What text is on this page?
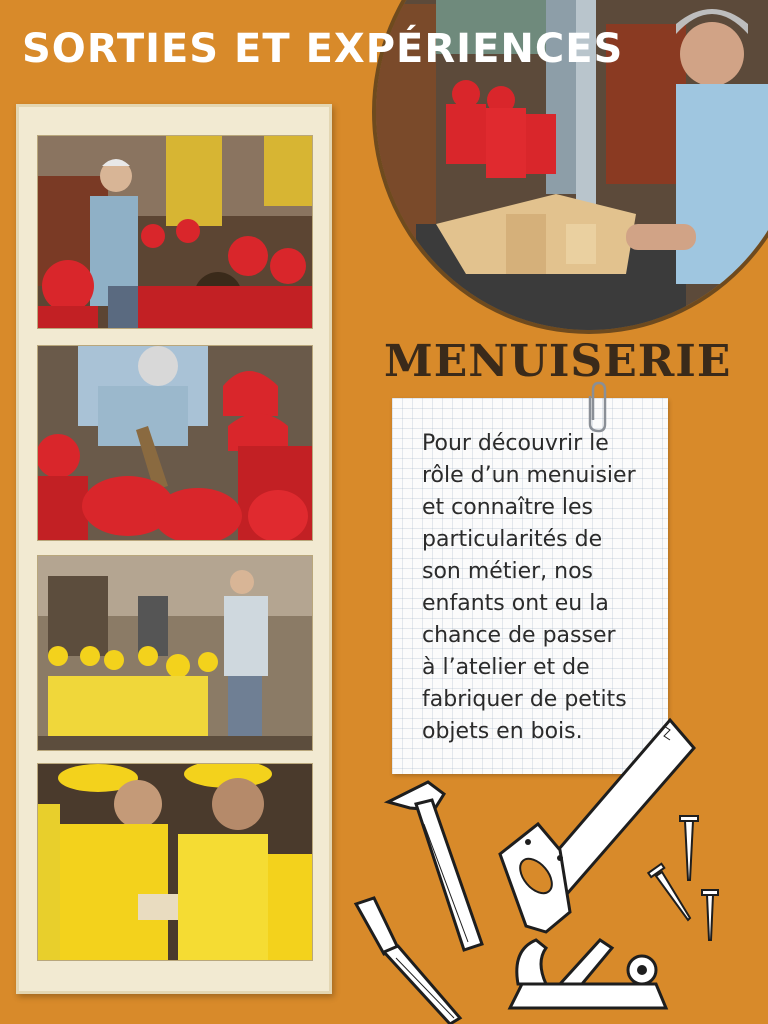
SORTIES ET EXPÉRIENCES
MENUISERIE
Pour découvrir le
rôle d’un menuisier
et connaître les
particularités de
son métier, nos
enfants ont eu la
chance de passer
à l’atelier et de
fabriquer de petits
objets en bois.
